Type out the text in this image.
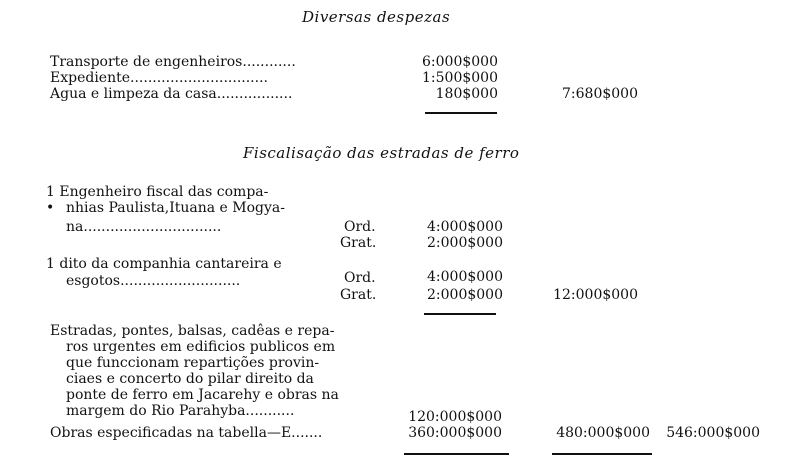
Diversas despezas
Transporte de engenheiros............	6:000$000
Expediente...............................	1:500$000
Agua e limpeza da casa.................	180$000	7:680$000
Fiscalisação das estradas de ferro
1 Engenheiro fiscal das compa-
• nhias Paulista,Ituana e Mogya-
na...............................	Ord.	4:000$000
Grat.	2:000$000
1 dito da companhia cantareira e
esgotos...........................	Ord.	4:000$000
Grat.	2:000$000	12:000$000
Estradas, pontes, balsas, cadêas e repa-
ros urgentes em edificios publicos em
que funccionam repartições provin-
ciaes e concerto do pilar direito da
ponte de ferro em Jacarehy e obras na
margem do Rio Parahyba...........	120:000$000
Obras especificadas na tabella—E.......	360:000$000	480:000$000	546:000$000
